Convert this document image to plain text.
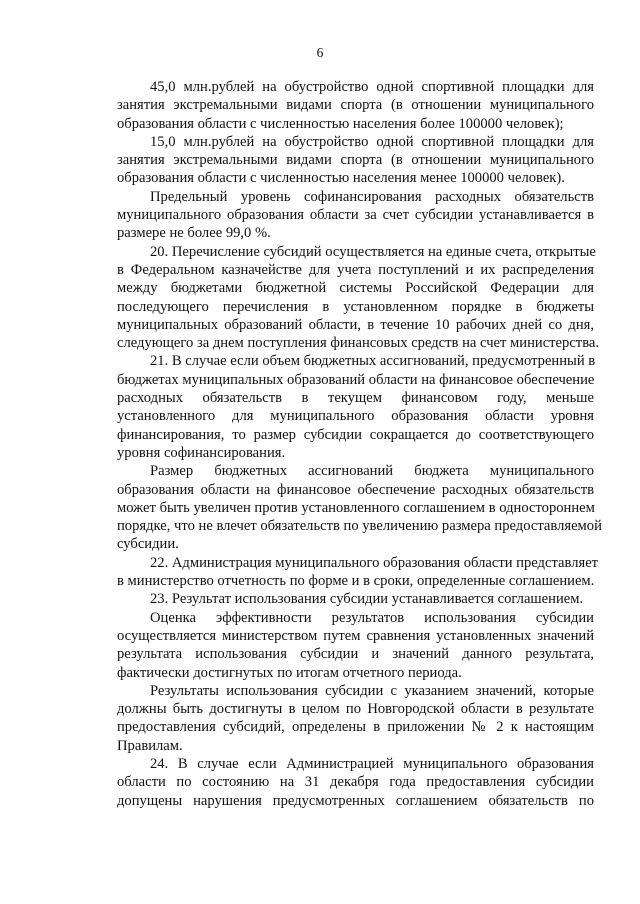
6
45,0 млн.рублей на обустройство одной спортивной площадки для
занятия экстремальными видами спорта (в отношении муниципального
образования области с численностью населения более 100000 человек);
15,0 млн.рублей на обустройство одной спортивной площадки для
занятия экстремальными видами спорта (в отношении муниципального
образования области с численностью населения менее 100000 человек).
Предельный уровень софинансирования расходных обязательств
муниципального образования области за счет субсидии устанавливается в
размере не более 99,0 %.
20. Перечисление субсидий осуществляется на единые счета, открытые
в Федеральном казначействе для учета поступлений и их распределения
между бюджетами бюджетной системы Российской Федерации для
последующего перечисления в установленном порядке в бюджеты
муниципальных образований области, в течение 10 рабочих дней со дня,
следующего за днем поступления финансовых средств на счет министерства.
21. В случае если объем бюджетных ассигнований, предусмотренный в
бюджетах муниципальных образований области на финансовое обеспечение
расходных обязательств в текущем финансовом году, меньше
установленного для муниципального образования области уровня
финансирования, то размер субсидии сокращается до соответствующего
уровня софинансирования.
Размер бюджетных ассигнований бюджета муниципального
образования области на финансовое обеспечение расходных обязательств
может быть увеличен против установленного соглашением в одностороннем
порядке, что не влечет обязательств по увеличению размера предоставляемой
субсидии.
22. Администрация муниципального образования области представляет
в министерство отчетность по форме и в сроки, определенные соглашением.
23. Результат использования субсидии устанавливается соглашением.
Оценка эффективности результатов использования субсидии
осуществляется министерством путем сравнения установленных значений
результата использования субсидии и значений данного результата,
фактически достигнутых по итогам отчетного периода.
Результаты использования субсидии с указанием значений, которые
должны быть достигнуты в целом по Новгородской области в результате
предоставления субсидий, определены в приложении № 2 к настоящим
Правилам.
24. В случае если Администрацией муниципального образования
области по состоянию на 31 декабря года предоставления субсидии
допущены нарушения предусмотренных соглашением обязательств по
